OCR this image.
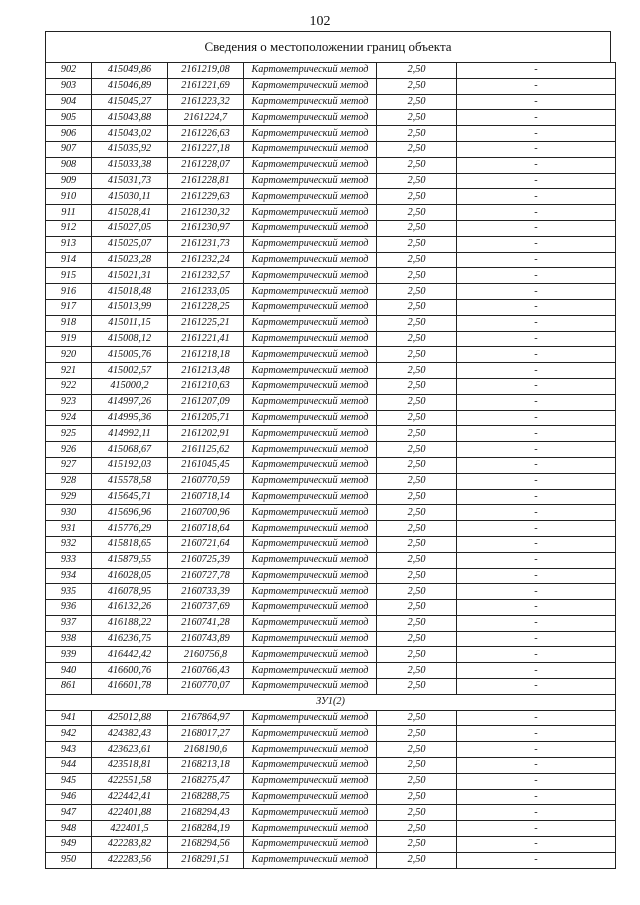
102
Сведения о местоположении границ объекта
902	415049,86	2161219,08	Картометрический метод	2,50	-
903	415046,89	2161221,69	Картометрический метод	2,50	-
904	415045,27	2161223,32	Картометрический метод	2,50	-
905	415043,88	2161224,7	Картометрический метод	2,50	-
906	415043,02	2161226,63	Картометрический метод	2,50	-
907	415035,92	2161227,18	Картометрический метод	2,50	-
908	415033,38	2161228,07	Картометрический метод	2,50	-
909	415031,73	2161228,81	Картометрический метод	2,50	-
910	415030,11	2161229,63	Картометрический метод	2,50	-
911	415028,41	2161230,32	Картометрический метод	2,50	-
912	415027,05	2161230,97	Картометрический метод	2,50	-
913	415025,07	2161231,73	Картометрический метод	2,50	-
914	415023,28	2161232,24	Картометрический метод	2,50	-
915	415021,31	2161232,57	Картометрический метод	2,50	-
916	415018,48	2161233,05	Картометрический метод	2,50	-
917	415013,99	2161228,25	Картометрический метод	2,50	-
918	415011,15	2161225,21	Картометрический метод	2,50	-
919	415008,12	2161221,41	Картометрический метод	2,50	-
920	415005,76	2161218,18	Картометрический метод	2,50	-
921	415002,57	2161213,48	Картометрический метод	2,50	-
922	415000,2	2161210,63	Картометрический метод	2,50	-
923	414997,26	2161207,09	Картометрический метод	2,50	-
924	414995,36	2161205,71	Картометрический метод	2,50	-
925	414992,11	2161202,91	Картометрический метод	2,50	-
926	415068,67	2161125,62	Картометрический метод	2,50	-
927	415192,03	2161045,45	Картометрический метод	2,50	-
928	415578,58	2160770,59	Картометрический метод	2,50	-
929	415645,71	2160718,14	Картометрический метод	2,50	-
930	415696,96	2160700,96	Картометрический метод	2,50	-
931	415776,29	2160718,64	Картометрический метод	2,50	-
932	415818,65	2160721,64	Картометрический метод	2,50	-
933	415879,55	2160725,39	Картометрический метод	2,50	-
934	416028,05	2160727,78	Картометрический метод	2,50	-
935	416078,95	2160733,39	Картометрический метод	2,50	-
936	416132,26	2160737,69	Картометрический метод	2,50	-
937	416188,22	2160741,28	Картометрический метод	2,50	-
938	416236,75	2160743,89	Картометрический метод	2,50	-
939	416442,42	2160756,8	Картометрический метод	2,50	-
940	416600,76	2160766,43	Картометрический метод	2,50	-
861	416601,78	2160770,07	Картометрический метод	2,50	-
ЗУ1(2)					
941	425012,88	2167864,97	Картометрический метод	2,50	-
942	424382,43	2168017,27	Картометрический метод	2,50	-
943	423623,61	2168190,6	Картометрический метод	2,50	-
944	423518,81	2168213,18	Картометрический метод	2,50	-
945	422551,58	2168275,47	Картометрический метод	2,50	-
946	422442,41	2168288,75	Картометрический метод	2,50	-
947	422401,88	2168294,43	Картометрический метод	2,50	-
948	422401,5	2168284,19	Картометрический метод	2,50	-
949	422283,82	2168294,56	Картометрический метод	2,50	-
950	422283,56	2168291,51	Картометрический метод	2,50	-
